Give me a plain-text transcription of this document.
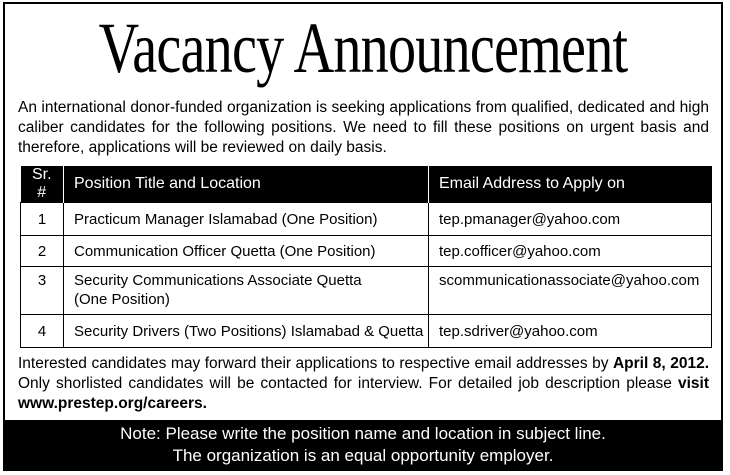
Vacancy Announcement
An international donor-funded organization is seeking applications from qualified, dedicated and high caliber candidates for the following positions. We need to fill these positions on urgent basis and therefore, applications will be reviewed on daily basis.
Sr. #	Position Title and Location	Email Address to Apply on
1	Practicum Manager Islamabad (One Position)	tep.pmanager@yahoo.com
2	Communication Officer Quetta (One Position)	tep.cofficer@yahoo.com
3	Security Communications Associate Quetta (One Position)	scommunicationassociate@yahoo.com
4	Security Drivers (Two Positions) Islamabad & Quetta	tep.sdriver@yahoo.com
Interested candidates may forward their applications to respective email addresses by April 8, 2012. Only shorlisted candidates will be contacted for interview. For detailed job description please visit www.prestep.org/careers.
Note: Please write the position name and location in subject line.
The organization is an equal opportunity employer.
